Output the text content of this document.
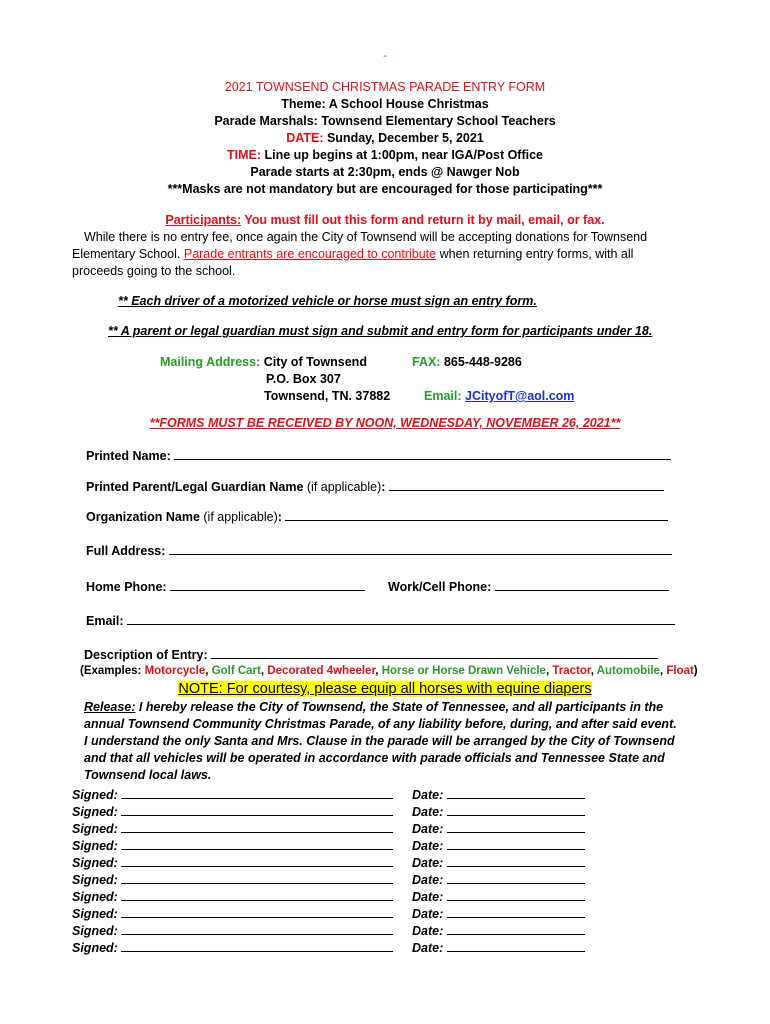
-
2021 TOWNSEND CHRISTMAS PARADE ENTRY FORM
Theme: A School House Christmas
Parade Marshals: Townsend Elementary School Teachers
DATE: Sunday, December 5, 2021
TIME: Line up begins at 1:00pm, near IGA/Post Office
Parade starts at 2:30pm, ends @ Nawger Nob
***Masks are not mandatory but are encouraged for those participating***
Participants: You must fill out this form and return it by mail, email, or fax.
While there is no entry fee, once again the City of Townsend will be accepting donations for Townsend
Elementary School. Parade entrants are encouraged to contribute when returning entry forms, with all
proceeds going to the school.
** Each driver of a motorized vehicle or horse must sign an entry form.
** A parent or legal guardian must sign and submit and entry form for participants under 18.
Mailing Address: City of Townsend
P.O. Box 307
Townsend, TN. 37882
FAX: 865-448-9286
Email: JCityofT@aol.com
**FORMS MUST BE RECEIVED BY NOON, WEDNESDAY, NOVEMBER 26, 2021**
Printed Name:
Printed Parent/Legal Guardian Name (if applicable):
Organization Name (if applicable):
Full Address:
Home Phone:	Work/Cell Phone:
Email:
Description of Entry:
(Examples: Motorcycle, Golf Cart, Decorated 4wheeler, Horse or Horse Drawn Vehicle, Tractor, Automobile, Float)
NOTE: For courtesy, please equip all horses with equine diapers
Release: I hereby release the City of Townsend, the State of Tennessee, and all participants in the
annual Townsend Community Christmas Parade, of any liability before, during, and after said event.
I understand the only Santa and Mrs. Clause in the parade will be arranged by the City of Townsend
and that all vehicles will be operated in accordance with parade officials and Tennessee State and
Townsend local laws.
Signed:	Date:
Signed:	Date:
Signed:	Date:
Signed:	Date:
Signed:	Date:
Signed:	Date:
Signed:	Date:
Signed:	Date:
Signed:	Date:
Signed:	Date:
